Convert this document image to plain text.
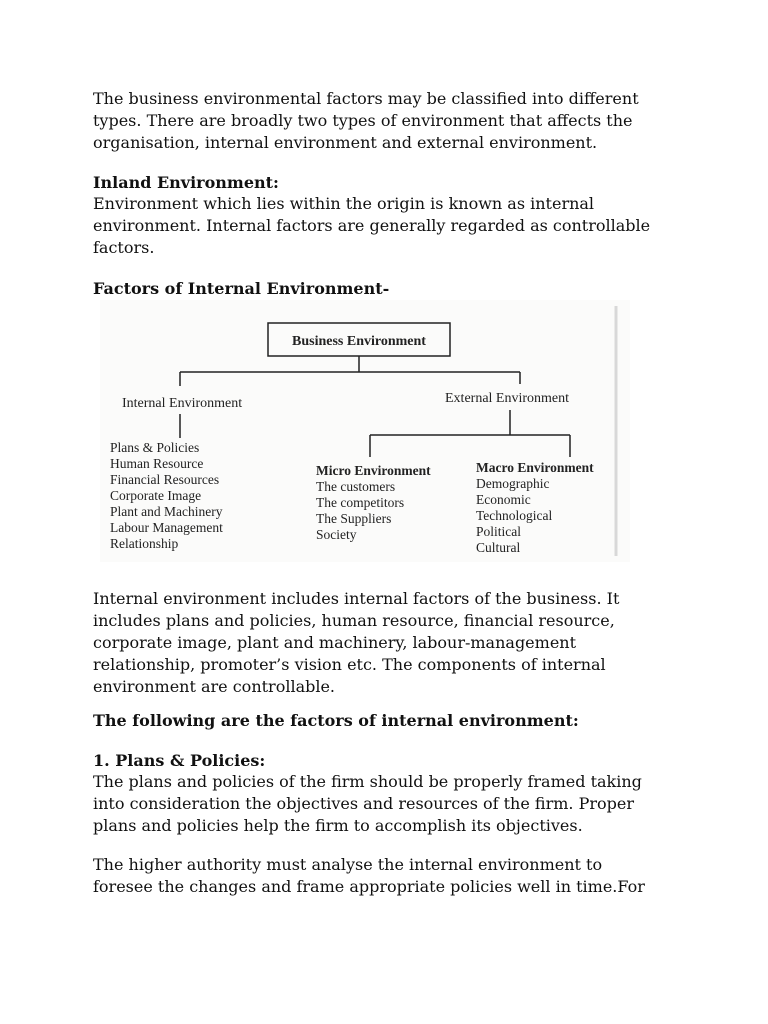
The business environmental factors may be classified into different
types. There are broadly two types of environment that affects the
organisation, internal environment and external environment.

Inland Environment:

Environment which lies within the origin is known as internal
environment. Internal factors are generally regarded as controllable
factors.

Factors of Internal Environment-

Business Environment
Internal Environment
Plans & Policies
Human Resource
Financial Resources
Corporate Image
Plant and Machinery
Labour Management
Relationship
External Environment
Micro Environment
The customers
The competitors
The Suppliers
Society
Macro Environment
Demographic
Economic
Technological
Political
Cultural

Internal environment includes internal factors of the business. It
includes plans and policies, human resource, financial resource,
corporate image, plant and machinery, labour-management
relationship, promoter’s vision etc. The components of internal
environment are controllable.

The following are the factors of internal environment:

1. Plans & Policies:

The plans and policies of the firm should be properly framed taking
into consideration the objectives and resources of the firm. Proper
plans and policies help the firm to accomplish its objectives.

The higher authority must analyse the internal environment to
foresee the changes and frame appropriate policies well in time.For
